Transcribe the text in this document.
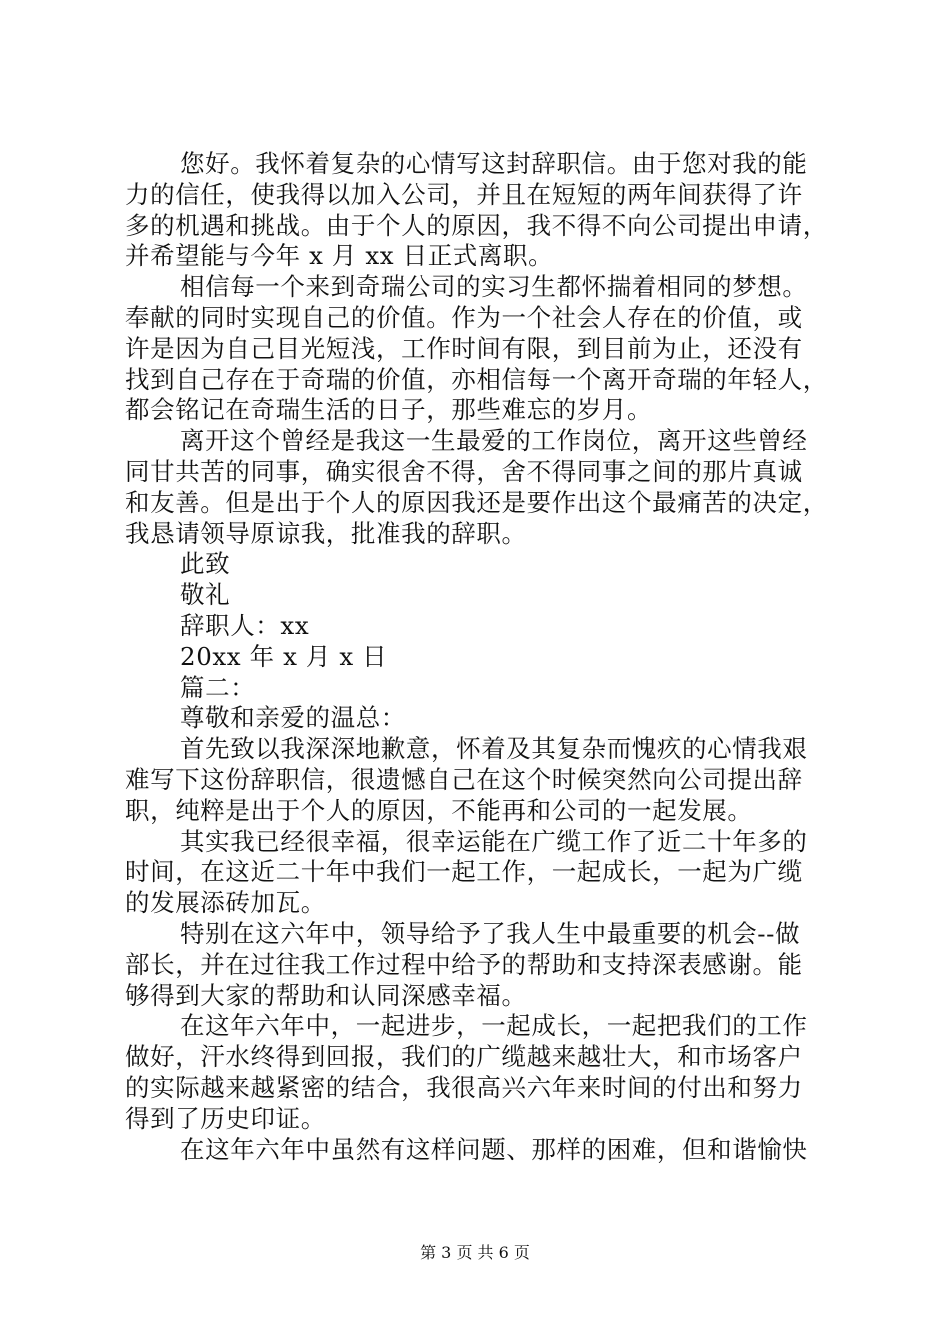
您好。我怀着复杂的心情写这封辞职信。由于您对我的能
力的信任，使我得以加入公司，并且在短短的两年间获得了许
多的机遇和挑战。由于个人的原因，我不得不向公司提出申请，
并希望能与今年 x 月 xx 日正式离职。
相信每一个来到奇瑞公司的实习生都怀揣着相同的梦想。
奉献的同时实现自己的价值。作为一个社会人存在的价值，或
许是因为自己目光短浅，工作时间有限，到目前为止，还没有
找到自己存在于奇瑞的价值，亦相信每一个离开奇瑞的年轻人，
都会铭记在奇瑞生活的日子，那些难忘的岁月。
离开这个曾经是我这一生最爱的工作岗位，离开这些曾经
同甘共苦的同事，确实很舍不得，舍不得同事之间的那片真诚
和友善。但是出于个人的原因我还是要作出这个最痛苦的决定，
我恳请领导原谅我，批准我的辞职。
此致
敬礼
辞职人：xx
20xx 年 x 月 x 日
篇二：
尊敬和亲爱的温总：
首先致以我深深地歉意，怀着及其复杂而愧疚的心情我艰
难写下这份辞职信，很遗憾自己在这个时候突然向公司提出辞
职，纯粹是出于个人的原因，不能再和公司的一起发展。
其实我已经很幸福，很幸运能在广缆工作了近二十年多的
时间，在这近二十年中我们一起工作，一起成长，一起为广缆
的发展添砖加瓦。
特别在这六年中，领导给予了我人生中最重要的机会--做
部长，并在过往我工作过程中给予的帮助和支持深表感谢。能
够得到大家的帮助和认同深感幸福。
在这年六年中，一起进步，一起成长，一起把我们的工作
做好，汗水终得到回报，我们的广缆越来越壮大，和市场客户
的实际越来越紧密的结合，我很高兴六年来时间的付出和努力
得到了历史印证。
在这年六年中虽然有这样问题、那样的困难，但和谐愉快
第 3 页 共 6 页
